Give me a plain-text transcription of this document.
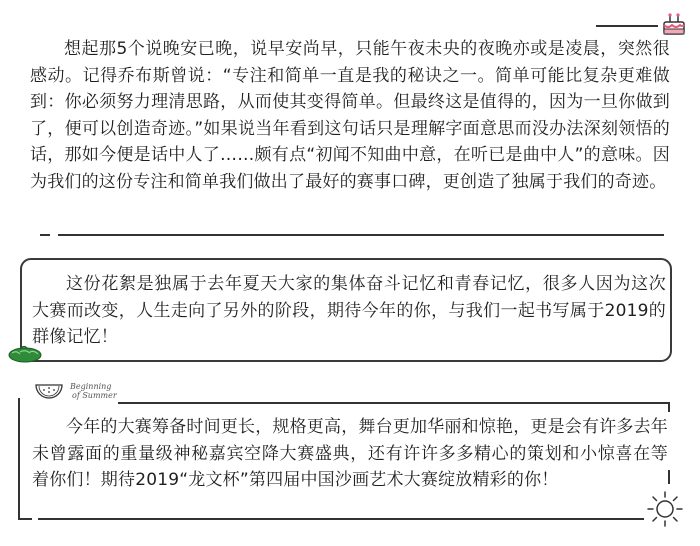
想起那5个说晚安已晚，说早安尚早，只能午夜未央的夜晚亦或是凌晨，突然很感动。记得乔布斯曾说：“专注和简单一直是我的秘诀之一。简单可能比复杂更难做到：你必须努力理清思路，从而使其变得简单。但最终这是值得的，因为一旦你做到了，便可以创造奇迹。”如果说当年看到这句话只是理解字面意思而没办法深刻领悟的话，那如今便是话中人了……颇有点“初闻不知曲中意，在听已是曲中人”的意味。因为我们的这份专注和简单我们做出了最好的赛事口碑，更创造了独属于我们的奇迹。

这份花絮是独属于去年夏天大家的集体奋斗记忆和青春记忆，很多人因为这次大赛而改变，人生走向了另外的阶段，期待今年的你，与我们一起书写属于2019的群像记忆！

Beginning
of Summer

今年的大赛筹备时间更长，规格更高，舞台更加华丽和惊艳，更是会有许多去年未曾露面的重量级神秘嘉宾空降大赛盛典，还有许许多多精心的策划和小惊喜在等着你们！期待2019“龙文杯”第四届中国沙画艺术大赛绽放精彩的你！
